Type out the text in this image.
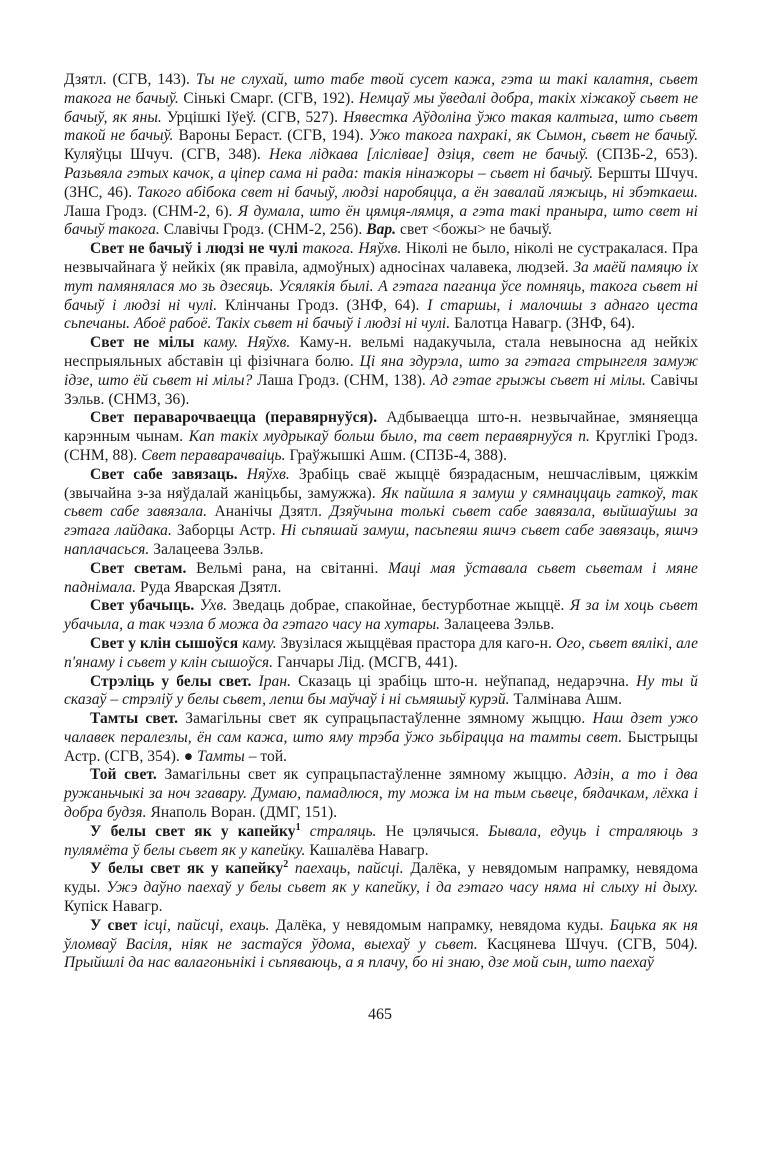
Дзятл. (СГВ, 143). Ты не слухай, што табе твой сусет кажа, гэта ш такі калатня, сьвет такога не бачыў. Сінькі Смарг. (СГВ, 192). Немцаў мы ўведалі добра, такіх хіжакоў сьвет не бачыў, як яны. Урцішкі Іўеў. (СГВ, 527). Нявестка Аўдоліна ўжо такая калтыга, што сьвет такой не бачыў. Вароны Бераст. (СГВ, 194). Ужо такога пахракі, як Сымон, сьвет не бачыў. Куляўцы Шчуч. (СГВ, 348). Нека лідкава [ліслівае] дзіця, свет не бачыў. (СПЗБ-2, 653). Разьвяла гэтых качок, а ціпер сама ні рада: такія нінажоры – сьвет ні бачыў. Бершты Шчуч. (ЗНС, 46). Такого абібока свет ні бачыў, людзі наробяцца, а ён завалай ляжыць, ні збэткаеш. Лаша Гродз. (СНМ-2, 6). Я думала, што ён цямця-лямця, а гэта такі праныра, што свет ні бачыў такога. Славічы Гродз. (СНМ-2, 256). Вар. свет <божы> не бачыў.

Свет не бачыў і людзі не чулі такога. Няўхв. Ніколі не было, ніколі не сустракалася. Пра незвычайнага ў нейкіх (як правіла, адмоўных) адносінах чалавека, людзей. За маёй памяцю іх тут памянялася мо зь дзесяць. Усялякія былі. А гэтага паганца ўсе помняць, такога сьвет ні бачыў і людзі ні чулі. Клінчаны Гродз. (ЗНФ, 64). І старшы, і малочшы з аднаго цеста сьпечаны. Абоё рабоё. Такіх сьвет ні бачыў і людзі ні чулі. Балотца Навагр. (ЗНФ, 64).

Свет не мілы каму. Няўхв. Каму-н. вельмі надакучыла, стала невыносна ад нейкіх неспрыяльных абставін ці фізічнага болю. Ці яна здурэла, што за гэтага стрынгеля замуж ідзе, што ёй сьвет ні мілы? Лаша Гродз. (СНМ, 138). Ад гэтае грыжы сьвет ні мілы. Савічы Зэльв. (СНМЗ, 36).

Свет пераварочваецца (перавярнуўся). Адбываецца што-н. незвычайнае, змяняецца карэнным чынам. Кап такіх мудрыкаў больш было, та свет перавярнуўся п. Круглікі Гродз. (СНМ, 88). Свет пераварачваіць. Граўжышкі Ашм. (СПЗБ-4, 388).

Свет сабе завязаць. Няўхв. Зрабіць сваё жыццё бязрадасным, нешчаслівым, цяжкім (звычайна з-за няўдалай жаніцьбы, замужжа). Як пайшла я замуш у сямнаццаць гаткоў, так сьвет сабе завязала. Ананічы Дзятл. Дзяўчына толькі сьвет сабе завязала, выйшаўшы за гэтага лайдака. Заборцы Астр. Ні сьпяшай замуш, пасьпеяш яшчэ сьвет сабе завязаць, яшчэ наплачасься. Залацеева Зэльв.

Свет светам. Вельмі рана, на світанні. Маці мая ўставала сьвет сьветам і мяне паднімала. Руда Яварская Дзятл.

Свет убачыць. Ухв. Зведаць добрае, спакойнае, бестурботнае жыццё. Я за ім хоць сьвет убачыла, а так чэзла б можа да гэтаго часу на хутары. Залацеева Зэльв.

Свет у клін сышоўся каму. Звузілася жыццёвая прастора для каго-н. Ого, сьвет вялікі, але п'янаму і сьвет у клін сышоўся. Ганчары Лід. (МСГВ, 441).

Стрэліць у белы свет. Іран. Сказаць ці зрабіць што-н. неўпапад, недарэчна. Ну ты й сказаў – стрэліў у белы сьвет, лепш бы маўчаў і ні сьмяшыў курэй. Талмінава Ашм.

Тамты свет. Замагільны свет як супрацьпастаўленне зямному жыццю. Наш дзет ужо чалавек пералезлы, ён сам кажа, што яму трэба ўжо зьбірацца на тамты свет. Быстрыцы Астр. (СГВ, 354). ● Тамты – той.

Той свет. Замагільны свет як супрацьпастаўленне зямному жыццю. Адзін, а то і два ружаньчыкі за ноч згавару. Думаю, памадлюся, ту можа ім на тым сьвеце, бядачкам, лёхка і добра будзя. Янаполь Воран. (ДМГ, 151).

У белы свет як у капейку$^1$ страляць. Не цэлячыся. Бывала, едуць і страляюць з пулямёта ў белы сьвет як у капейку. Кашалёва Навагр.

У белы свет як у капейку$^2$ паехаць, пайсці. Далёка, у невядомым напрамку, невядома куды. Ужэ даўно паехаў у белы сьвет як у капейку, і да гэтаго часу няма ні слыху ні дыху. Купіск Навагр.

У свет ісці, пайсці, ехаць. Далёка, у невядомым напрамку, невядома куды. Бацька як ня ўломваў Васіля, ніяк не застаўся ўдома, выехаў у сьвет. Касцянева Шчуч. (СГВ, 504). Прыйшлі да нас валагоньнікі і сьпяваюць, а я плачу, бо ні знаю, дзе мой сын, што паехаў

465
